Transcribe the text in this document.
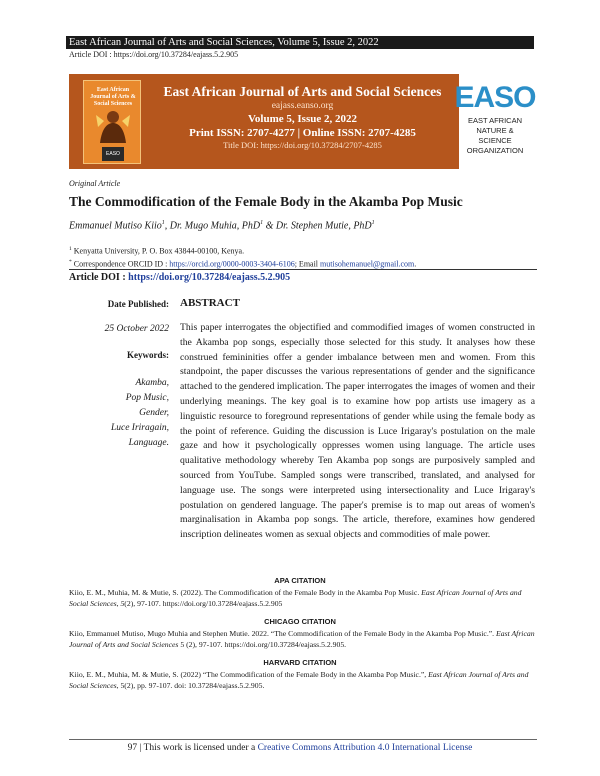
East African Journal of Arts and Social Sciences, Volume 5, Issue 2, 2022
Article DOI : https://doi.org/10.37284/eajass.5.2.905
East African Journal of Arts & Social Sciences
EASO
East African Journal of Arts and Social Sciences
eajass.eanso.org
Volume 5, Issue 2, 2022
Print ISSN: 2707-4277 | Online ISSN: 2707-4285
Title DOI: https://doi.org/10.37284/2707-4285
EASO
EAST AFRICAN NATURE & SCIENCE ORGANIZATION
Original Article
The Commodification of the Female Body in the Akamba Pop Music
Emmanuel Mutiso Kiio$^1$, Dr. Mugo Muhia, PhD$^1$ & Dr. Stephen Mutie, PhD$^1$
$^1$ Kenyatta University, P. O. Box 43844-00100, Kenya.
* Correspondence ORCID ID : https://orcid.org/0000-0003-3404-6106; Email mutisohemanuel@gmail.com.
Article DOI : https://doi.org/10.37284/eajass.5.2.905
Date Published:
25 October 2022
Keywords:
Akamba,
Pop Music,
Gender,
Luce Iriragain,
Language.
ABSTRACT
This paper interrogates the objectified and commodified images of women constructed in the Akamba pop songs, especially those selected for this study. It analyses how these construed femininities offer a gender imbalance between men and women. From this standpoint, the paper discusses the various representations of gender and the significance attached to the gendered implication. The paper interrogates the images of women and their underlying meanings. The key goal is to examine how pop artists use imagery as a linguistic resource to foreground representations of gender while using the female body as the point of reference. Guiding the discussion is Luce Irigaray's postulation on the male gaze and how it psychologically oppresses women using language. The article uses qualitative methodology whereby Ten Akamba pop songs are purposively sampled and sourced from YouTube. Sampled songs were transcribed, translated, and analysed for language use. The songs were interpreted using intersectionality and Luce Irigaray's postulation on gendered language. The paper's premise is to map out areas of women's marginalisation in Akamba pop songs. The article, therefore, examines how gendered inscription delineates women as sexual objects and commodities of male power.
APA CITATION
Kiio, E. M., Muhia, M. & Mutie, S. (2022). The Commodification of the Female Body in the Akamba Pop Music. East African Journal of Arts and Social Sciences, 5(2), 97-107. https://doi.org/10.37284/eajass.5.2.905
CHICAGO CITATION
Kiio, Emmanuel Mutiso, Mugo Muhia and Stephen Mutie. 2022. “The Commodification of the Female Body in the Akamba Pop Music.”. East African Journal of Arts and Social Sciences 5 (2), 97-107. https://doi.org/10.37284/eajass.5.2.905.
HARVARD CITATION
Kiio, E. M., Muhia, M. & Mutie, S. (2022) “The Commodification of the Female Body in the Akamba Pop Music.”, East African Journal of Arts and Social Sciences, 5(2), pp. 97-107. doi: 10.37284/eajass.5.2.905.
97 | This work is licensed under a Creative Commons Attribution 4.0 International License
